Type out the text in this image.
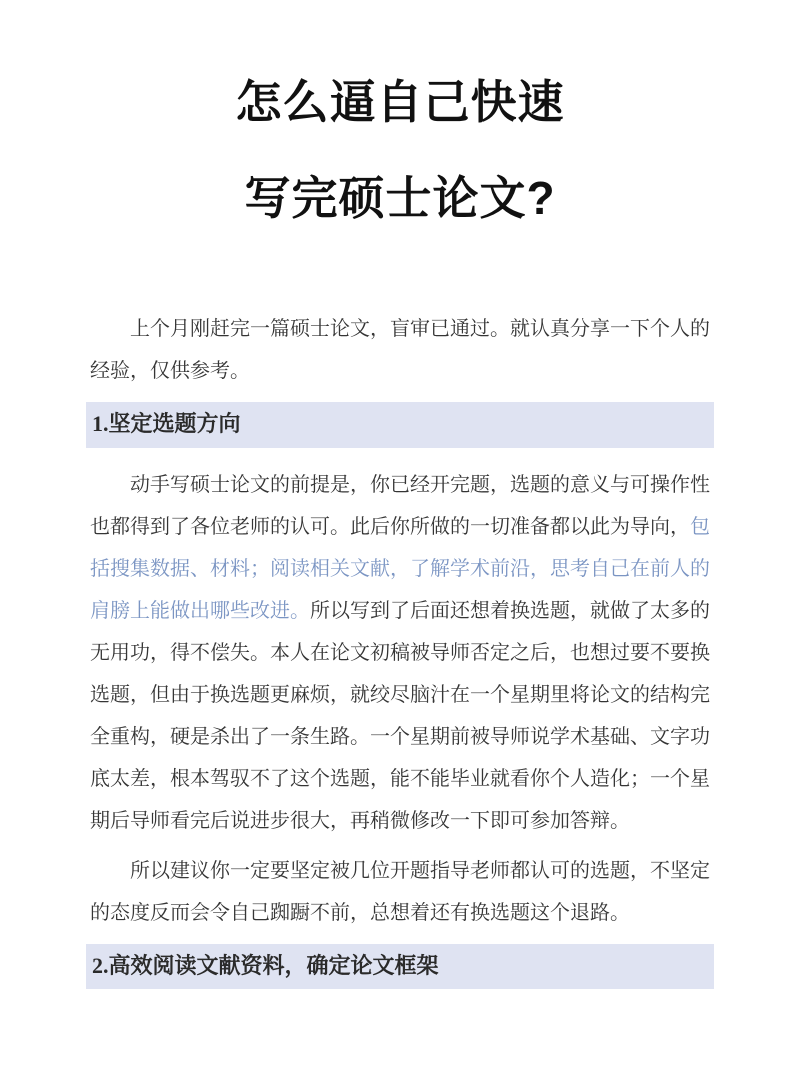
怎么逼自己快速
写完硕士论文?

上个月刚赶完一篇硕士论文，盲审已通过。就认真分享一下个人的经验，仅供参考。

1.坚定选题方向

动手写硕士论文的前提是，你已经开完题，选题的意义与可操作性也都得到了各位老师的认可。此后你所做的一切准备都以此为导向，包括搜集数据、材料；阅读相关文献，了解学术前沿，思考自己在前人的肩膀上能做出哪些改进。所以写到了后面还想着换选题，就做了太多的无用功，得不偿失。本人在论文初稿被导师否定之后，也想过要不要换选题，但由于换选题更麻烦，就绞尽脑汁在一个星期里将论文的结构完全重构，硬是杀出了一条生路。一个星期前被导师说学术基础、文字功底太差，根本驾驭不了这个选题，能不能毕业就看你个人造化；一个星期后导师看完后说进步很大，再稍微修改一下即可参加答辩。

所以建议你一定要坚定被几位开题指导老师都认可的选题，不坚定的态度反而会令自己踟蹰不前，总想着还有换选题这个退路。

2.高效阅读文献资料，确定论文框架
